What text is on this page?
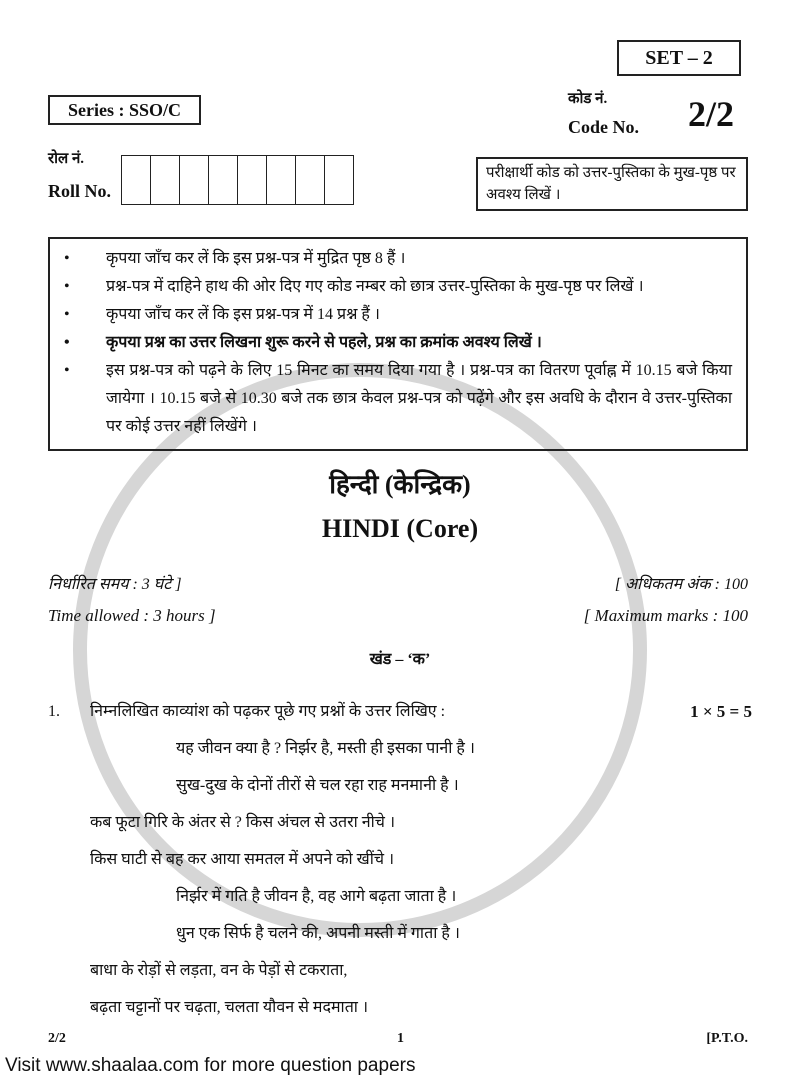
SET – 2
Series : SSO/C
कोड नं.
Code No. 2/2
रोल नं.
Roll No.
परीक्षार्थी कोड को उत्तर-पुस्तिका के मुख-पृष्ठ पर अवश्य लिखें ।
• कृपया जाँच कर लें कि इस प्रश्न-पत्र में मुद्रित पृष्ठ 8 हैं ।
• प्रश्न-पत्र में दाहिने हाथ की ओर दिए गए कोड नम्बर को छात्र उत्तर-पुस्तिका के मुख-पृष्ठ पर लिखें ।
• कृपया जाँच कर लें कि इस प्रश्न-पत्र में 14 प्रश्न हैं ।
• कृपया प्रश्न का उत्तर लिखना शुरू करने से पहले, प्रश्न का क्रमांक अवश्य लिखें ।
• इस प्रश्न-पत्र को पढ़ने के लिए 15 मिनट का समय दिया गया है । प्रश्न-पत्र का वितरण पूर्वाह्न में 10.15 बजे किया जायेगा । 10.15 बजे से 10.30 बजे तक छात्र केवल प्रश्न-पत्र को पढ़ेंगे और इस अवधि के दौरान वे उत्तर-पुस्तिका पर कोई उत्तर नहीं लिखेंगे ।
हिन्दी (केन्द्रिक)
HINDI (Core)
निर्धारित समय : 3 घंटे ]
Time allowed : 3 hours ]
[ अधिकतम अंक : 100
[ Maximum marks : 100
खंड – ‘क’
1.	निम्नलिखित काव्यांश को पढ़कर पूछे गए प्रश्नों के उत्तर लिखिए :	1 × 5 = 5
यह जीवन क्या है ? निर्झर है, मस्ती ही इसका पानी है ।
सुख-दुख के दोनों तीरों से चल रहा राह मनमानी है ।
कब फूटा गिरि के अंतर से ? किस अंचल से उतरा नीचे ।
किस घाटी से बह कर आया समतल में अपने को खींचे ।
निर्झर में गति है जीवन है, वह आगे बढ़ता जाता है ।
धुन एक सिर्फ है चलने की, अपनी मस्ती में गाता है ।
बाधा के रोड़ों से लड़ता, वन के पेड़ों से टकराता,
बढ़ता चट्टानों पर चढ़ता, चलता यौवन से मदमाता ।
2/2	1	[P.T.O.
Visit www.shaalaa.com for more question papers
